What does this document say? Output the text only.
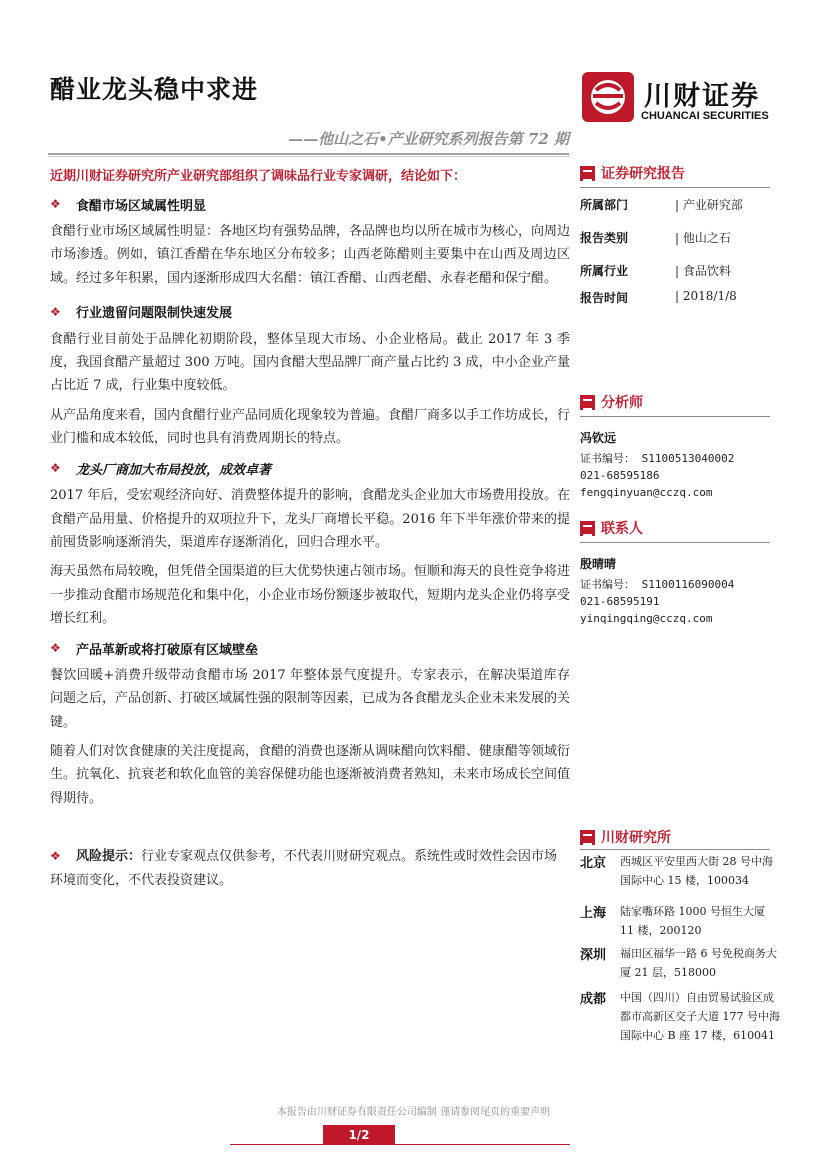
醋业龙头稳中求进	川财证券
CHUANCAI SECURITIES
——他山之石•产业研究系列报告第 72 期
近期川财证券研究所产业研究部组织了调味品行业专家调研，结论如下：
❖	食醋市场区域属性明显

食醋行业市场区域属性明显：各地区均有强势品牌，各品牌也均以所在城市为核心，向周边市场渗透。例如，镇江香醋在华东地区分布较多；山西老陈醋则主要集中在山西及周边区域。经过多年积累，国内逐渐形成四大名醋：镇江香醋、山西老醋、永春老醋和保宁醋。

❖	行业遗留问题限制快速发展

食醋行业目前处于品牌化初期阶段，整体呈现大市场、小企业格局。截止 2017 年 3 季度，我国食醋产量超过 300 万吨。国内食醋大型品牌厂商产量占比约 3 成，中小企业产量占比近 7 成，行业集中度较低。

从产品角度来看，国内食醋行业产品同质化现象较为普遍。食醋厂商多以手工作坊成长，行业门槛和成本较低，同时也具有消费周期长的特点。

❖	龙头厂商加大布局投放，成效卓著

2017 年后，受宏观经济向好、消费整体提升的影响，食醋龙头企业加大市场费用投放。在食醋产品用量、价格提升的双项拉升下，龙头厂商增长平稳。2016 年下半年涨价带来的提前囤货影响逐渐消失，渠道库存逐渐消化，回归合理水平。

海天虽然布局较晚，但凭借全国渠道的巨大优势快速占领市场。恒顺和海天的良性竞争将进一步推动食醋市场规范化和集中化，小企业市场份额逐步被取代，短期内龙头企业仍将享受增长红利。

❖	产品革新或将打破原有区域壁垒

餐饮回暖+消费升级带动食醋市场 2017 年整体景气度提升。专家表示，在解决渠道库存问题之后，产品创新、打破区域属性强的限制等因素，已成为各食醋龙头企业未来发展的关键。

随着人们对饮食健康的关注度提高，食醋的消费也逐渐从调味醋向饮料醋、健康醋等领域衍生。抗氧化、抗衰老和软化血管的美容保健功能也逐渐被消费者熟知，未来市场成长空间值得期待。

❖ 风险提示：行业专家观点仅供参考，不代表川财研究观点。系统性或时效性会因市场环境而变化，不代表投资建议。

证券研究报告
所属部门	| 产业研究部
报告类别	| 他山之石
所属行业	| 食品饮料
报告时间	| 2018/1/8
分析师
冯钦远
证书编号： S1100513040002
021-68595186
fengqinyuan@cczq.com
联系人
殷晴晴
证书编号： S1100116090004
021-68595191
yinqingqing@cczq.com
川财研究所
北京	西城区平安里西大街 28 号中海国际中心 15 楼，100034
上海	陆家嘴环路 1000 号恒生大厦 11 楼，200120
深圳	福田区福华一路 6 号免税商务大厦 21 层，518000
成都	中国（四川）自由贸易试验区成都市高新区交子大道 177 号中海国际中心 B 座 17 楼，610041
本报告由川财证券有限责任公司编制 谨请参阅尾页的重要声明
1/2
